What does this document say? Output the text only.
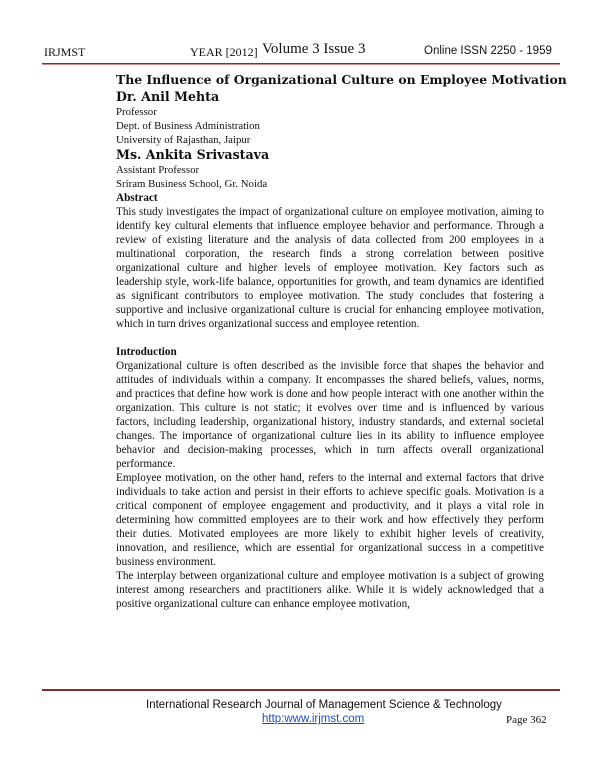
IRJMST	YEAR [2012] Volume 3 Issue 3	Online ISSN 2250 - 1959
The Influence of Organizational Culture on Employee Motivation
Dr. Anil Mehta
Professor
Dept. of Business Administration
University of Rajasthan, Jaipur
Ms. Ankita Srivastava
Assistant Professor
Sriram Business School, Gr. Noida
Abstract

This study investigates the impact of organizational culture on employee motivation, aiming to identify key cultural elements that influence employee behavior and performance. Through a review of existing literature and the analysis of data collected from 200 employees in a multinational corporation, the research finds a strong correlation between positive organizational culture and higher levels of employee motivation. Key factors such as leadership style, work-life balance, opportunities for growth, and team dynamics are identified as significant contributors to employee motivation. The study concludes that fostering a supportive and inclusive organizational culture is crucial for enhancing employee motivation, which in turn drives organizational success and employee retention.

Introduction

Organizational culture is often described as the invisible force that shapes the behavior and attitudes of individuals within a company. It encompasses the shared beliefs, values, norms, and practices that define how work is done and how people interact with one another within the organization. This culture is not static; it evolves over time and is influenced by various factors, including leadership, organizational history, industry standards, and external societal changes. The importance of organizational culture lies in its ability to influence employee behavior and decision-making processes, which in turn affects overall organizational performance.

Employee motivation, on the other hand, refers to the internal and external factors that drive individuals to take action and persist in their efforts to achieve specific goals. Motivation is a critical component of employee engagement and productivity, and it plays a vital role in determining how committed employees are to their work and how effectively they perform their duties. Motivated employees are more likely to exhibit higher levels of creativity, innovation, and resilience, which are essential for organizational success in a competitive business environment.

The interplay between organizational culture and employee motivation is a subject of growing interest among researchers and practitioners alike. While it is widely acknowledged that a positive organizational culture can enhance employee motivation,

International Research Journal of Management Science & Technology
http:www.irjmst.com	Page 362
